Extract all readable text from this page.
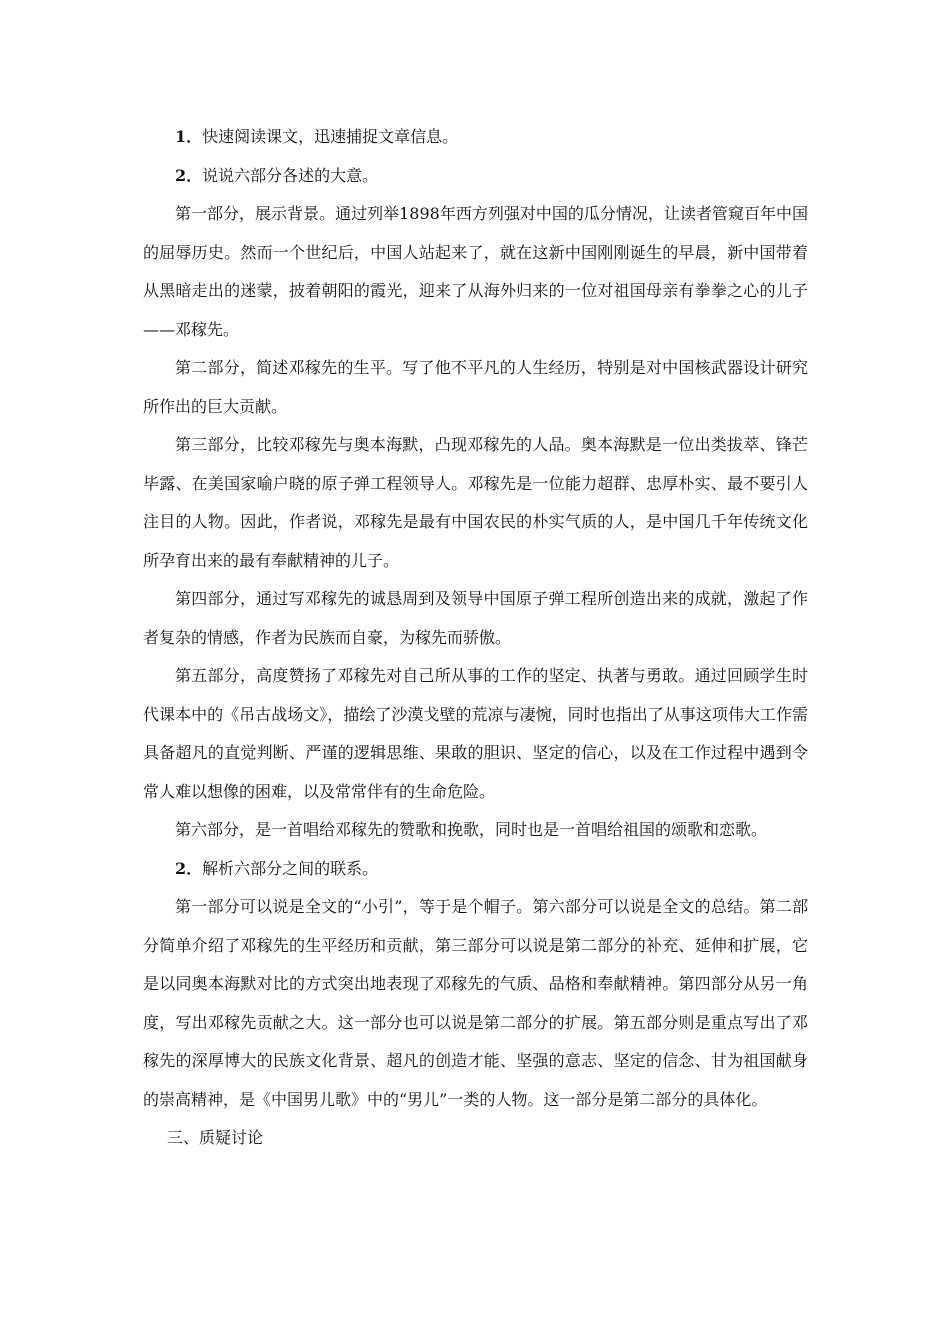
1．快速阅读课文，迅速捕捉文章信息。

2．说说六部分各述的大意。

第一部分，展示背景。通过列举1898年西方列强对中国的瓜分情况，让读者管窥百年中国的屈辱历史。然而一个世纪后，中国人站起来了，就在这新中国刚刚诞生的早晨，新中国带着从黑暗走出的迷蒙，披着朝阳的霞光，迎来了从海外归来的一位对祖国母亲有拳拳之心的儿子——邓稼先。

第二部分，简述邓稼先的生平。写了他不平凡的人生经历，特别是对中国核武器设计研究所作出的巨大贡献。

第三部分，比较邓稼先与奥本海默，凸现邓稼先的人品。奥本海默是一位出类拔萃、锋芒毕露、在美国家喻户晓的原子弹工程领导人。邓稼先是一位能力超群、忠厚朴实、最不要引人注目的人物。因此，作者说，邓稼先是最有中国农民的朴实气质的人，是中国几千年传统文化所孕育出来的最有奉献精神的儿子。

第四部分，通过写邓稼先的诚恳周到及领导中国原子弹工程所创造出来的成就，激起了作者复杂的情感，作者为民族而自豪，为稼先而骄傲。

第五部分，高度赞扬了邓稼先对自己所从事的工作的坚定、执著与勇敢。通过回顾学生时代课本中的《吊古战场文》，描绘了沙漠戈壁的荒凉与凄惋，同时也指出了从事这项伟大工作需具备超凡的直觉判断、严谨的逻辑思维、果敢的胆识、坚定的信心，以及在工作过程中遇到令常人难以想像的困难，以及常常伴有的生命危险。

第六部分，是一首唱给邓稼先的赞歌和挽歌，同时也是一首唱给祖国的颂歌和恋歌。

2．解析六部分之间的联系。

第一部分可以说是全文的“小引”，等于是个帽子。第六部分可以说是全文的总结。第二部分简单介绍了邓稼先的生平经历和贡献，第三部分可以说是第二部分的补充、延伸和扩展，它是以同奥本海默对比的方式突出地表现了邓稼先的气质、品格和奉献精神。第四部分从另一角度，写出邓稼先贡献之大。这一部分也可以说是第二部分的扩展。第五部分则是重点写出了邓稼先的深厚博大的民族文化背景、超凡的创造才能、坚强的意志、坚定的信念、甘为祖国献身的崇高精神，是《中国男儿歌》中的“男儿”一类的人物。这一部分是第二部分的具体化。

三、质疑讨论
